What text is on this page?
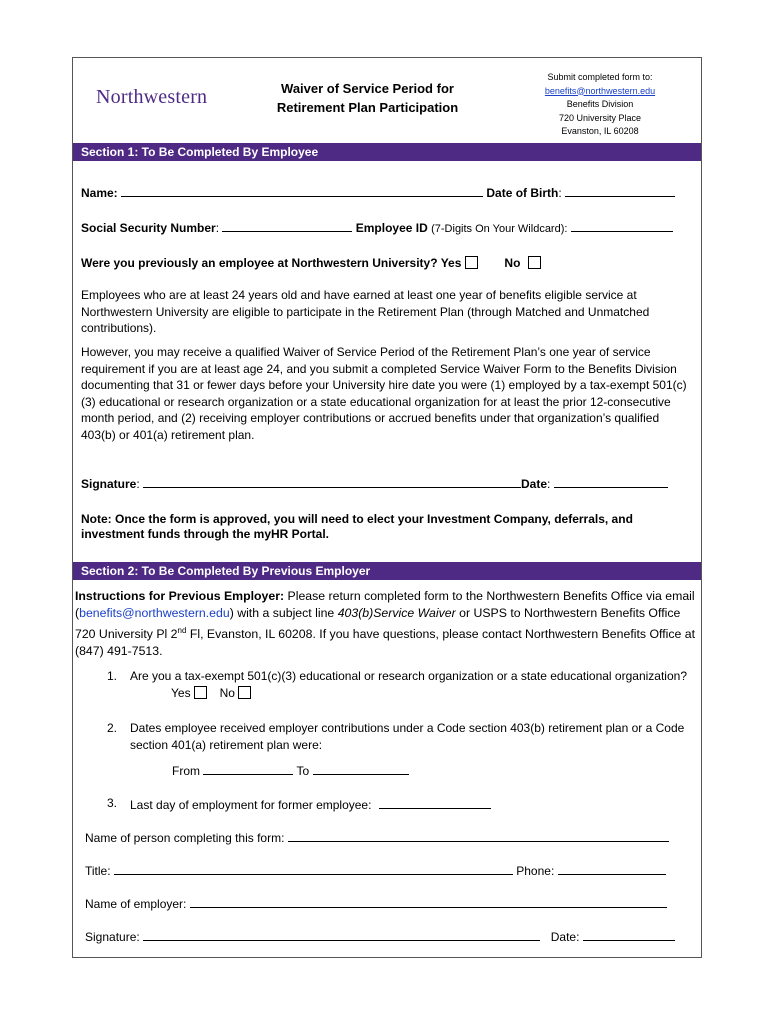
Northwestern	Waiver of Service Period for
Retirement Plan Participation
Submit completed form to:
benefits@northwestern.edu
Benefits Division
720 University Place
Evanston, IL 60208
Section 1: To Be Completed By Employee
Name:	Date of Birth:
Social Security Number:	Employee ID (7-Digits On Your Wildcard):
Were you previously an employee at Northwestern University? Yes	No
Employees who are at least 24 years old and have earned at least one year of benefits eligible service at Northwestern University are eligible to participate in the Retirement Plan (through Matched and Unmatched contributions).
However, you may receive a qualified Waiver of Service Period of the Retirement Plan’s one year of service requirement if you are at least age 24, and you submit a completed Service Waiver Form to the Benefits Division documenting that 31 or fewer days before your University hire date you were (1) employed by a tax-exempt 501(c)(3) educational or research organization or a state educational organization for at least the prior 12-consecutive month period, and (2) receiving employer contributions or accrued benefits under that organization’s qualified 403(b) or 401(a) retirement plan.
Signature:	Date:
Note: Once the form is approved, you will need to elect your Investment Company, deferrals, and investment funds through the myHR Portal.
Section 2: To Be Completed By Previous Employer
Instructions for Previous Employer: Please return completed form to the Northwestern Benefits Office via email (benefits@northwestern.edu) with a subject line 403(b)Service Waiver or USPS to Northwestern Benefits Office 720 University Pl 2nd Fl, Evanston, IL 60208. If you have questions, please contact Northwestern Benefits Office at (847) 491-7513.
1. Are you a tax-exempt 501(c)(3) educational or research organization or a state educational organization?
Yes No
2. Dates employee received employer contributions under a Code section 403(b) retirement plan or a Code
section 401(a) retirement plan were:
From	To
3. Last day of employment for former employee:
Name of person completing this form:
Title:	Phone:
Name of employer:
Signature:	Date:
